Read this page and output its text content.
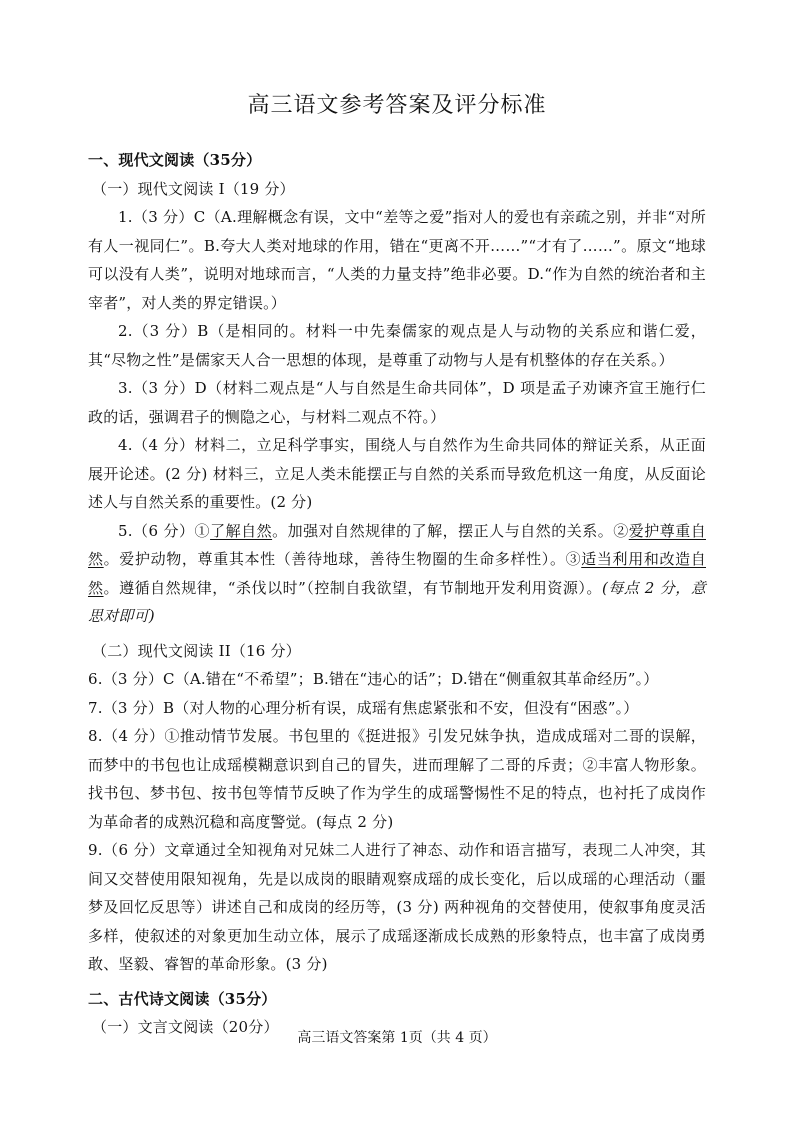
高三语文参考答案及评分标准
一、现代文阅读（35分）
（一）现代文阅读 I（19 分）

1.（3 分）C（A.理解概念有误，文中“差等之爱”指对人的爱也有亲疏之别，并非“对所有人一视同仁”。B.夸大人类对地球的作用，错在“更离不开……”“才有了……”。原文“地球可以没有人类”，说明对地球而言，“人类的力量支持”绝非必要。D.“作为自然的统治者和主宰者”，对人类的界定错误。）

2.（3 分）B（是相同的。材料一中先秦儒家的观点是人与动物的关系应和谐仁爱，其“尽物之性”是儒家天人合一思想的体现，是尊重了动物与人是有机整体的存在关系。）

3.（3 分）D（材料二观点是“人与自然是生命共同体”，D 项是孟子劝谏齐宣王施行仁政的话，强调君子的恻隐之心，与材料二观点不符。）

4.（4 分）材料二，立足科学事实，围绕人与自然作为生命共同体的辩证关系，从正面展开论述。(2 分) 材料三，立足人类未能摆正与自然的关系而导致危机这一角度，从反面论述人与自然关系的重要性。(2 分)

5.（6 分）①了解自然。加强对自然规律的了解，摆正人与自然的关系。②爱护尊重自然。爱护动物，尊重其本性（善待地球，善待生物圈的生命多样性）。③适当利用和改造自然。遵循自然规律，“杀伐以时”（控制自我欲望，有节制地开发利用资源）。(每点 2 分，意思对即可)

（二）现代文阅读 II（16 分）

6.（3 分）C（A.错在“不希望”；B.错在“违心的话”；D.错在“侧重叙其革命经历”。）

7.（3 分）B（对人物的心理分析有误，成瑶有焦虑紧张和不安，但没有“困惑”。）

8.（4 分）①推动情节发展。书包里的《挺进报》引发兄妹争执，造成成瑶对二哥的误解，而梦中的书包也让成瑶模糊意识到自己的冒失，进而理解了二哥的斥责；②丰富人物形象。找书包、梦书包、按书包等情节反映了作为学生的成瑶警惕性不足的特点，也衬托了成岗作为革命者的成熟沉稳和高度警觉。(每点 2 分)

9.（6 分）文章通过全知视角对兄妹二人进行了神态、动作和语言描写，表现二人冲突，其间又交替使用限知视角，先是以成岗的眼睛观察成瑶的成长变化，后以成瑶的心理活动（噩梦及回忆反思等）讲述自己和成岗的经历等，(3 分) 两种视角的交替使用，使叙事角度灵活多样，使叙述的对象更加生动立体，展示了成瑶逐渐成长成熟的形象特点，也丰富了成岗勇敢、坚毅、睿智的革命形象。(3 分)

二、古代诗文阅读（35分）
（一）文言文阅读（20分）
高三语文答案第 1页（共 4 页）
